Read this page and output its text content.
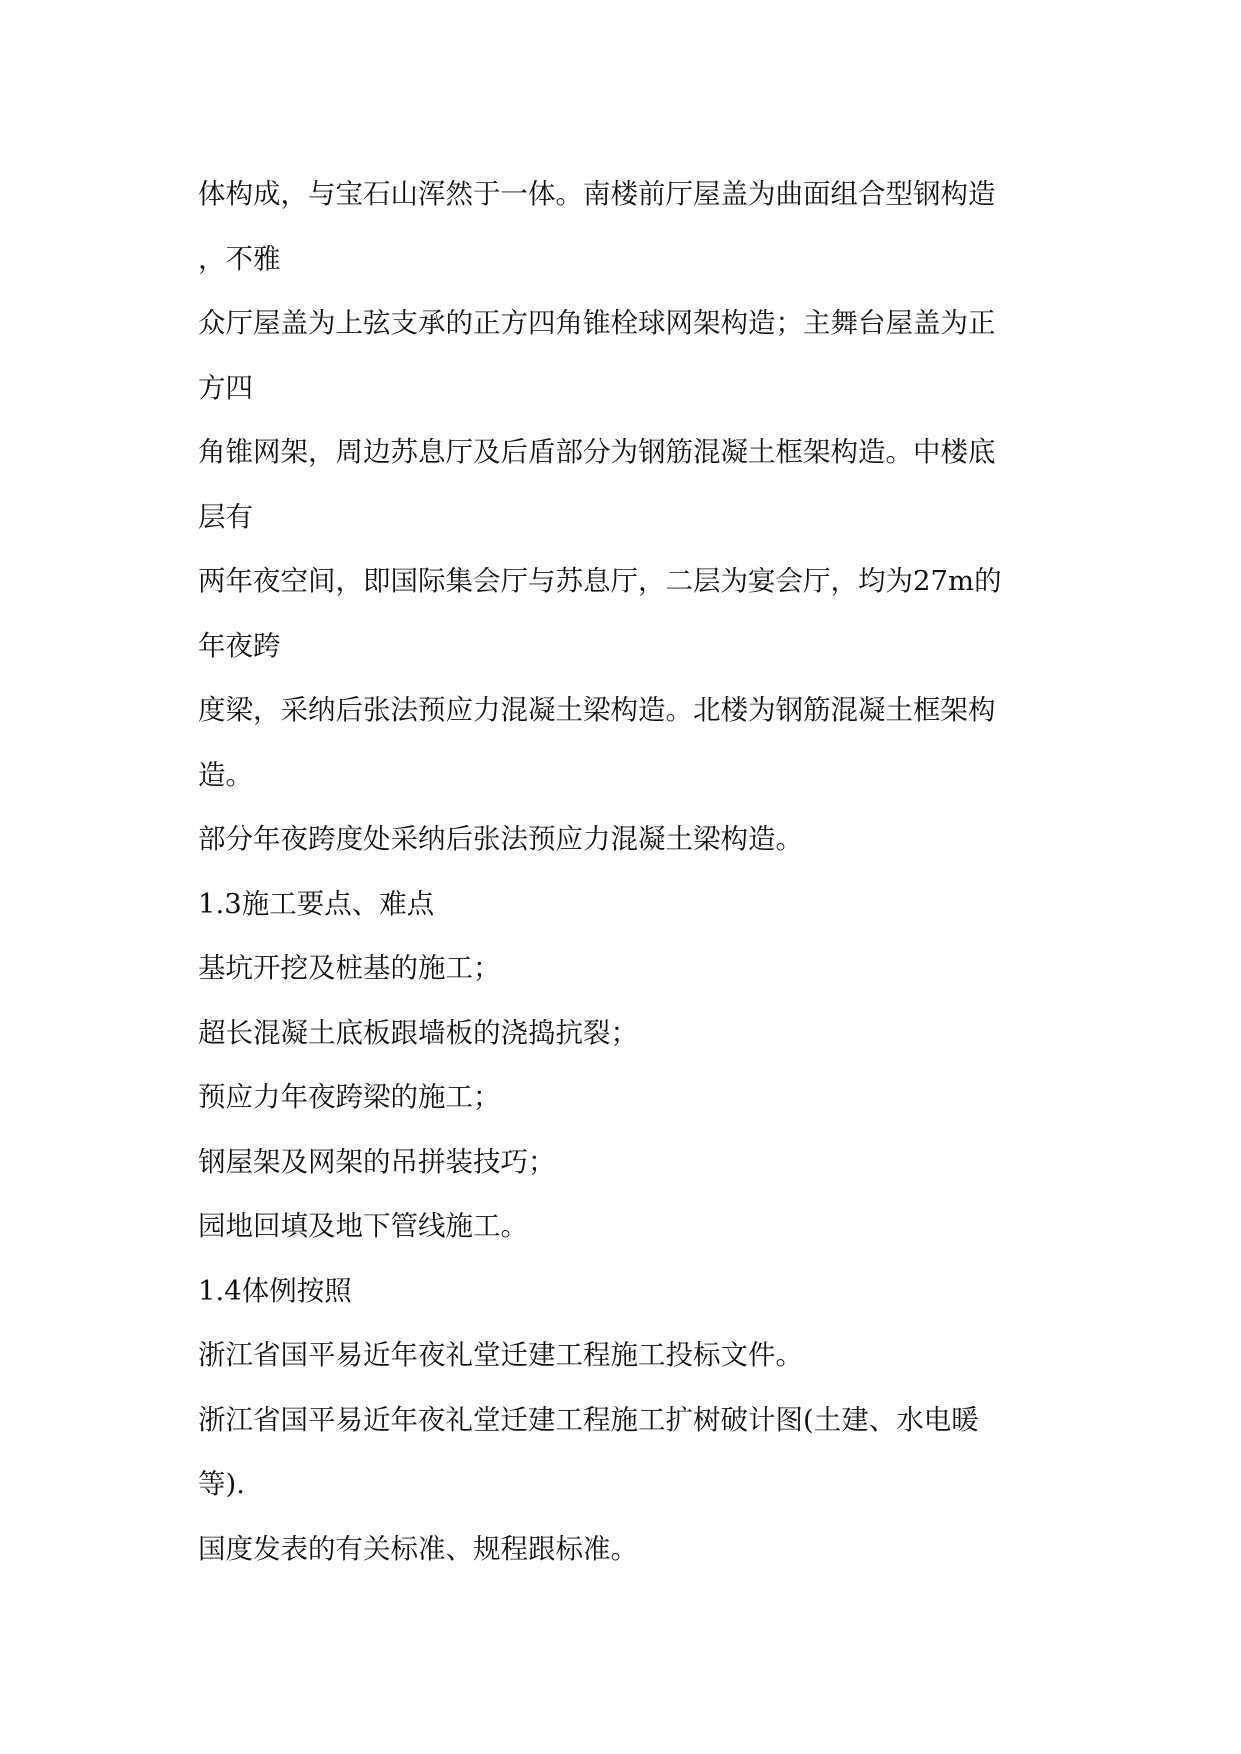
体构成，与宝石山浑然于一体。南楼前厅屋盖为曲面组合型钢构造

，不雅

众厅屋盖为上弦支承的正方四角锥栓球网架构造；主舞台屋盖为正

方四

角锥网架，周边苏息厅及后盾部分为钢筋混凝土框架构造。中楼底

层有

两年夜空间，即国际集会厅与苏息厅，二层为宴会厅，均为27m的

年夜跨

度梁，采纳后张法预应力混凝土梁构造。北楼为钢筋混凝土框架构

造。

部分年夜跨度处采纳后张法预应力混凝土梁构造。

1.3施工要点、难点

基坑开挖及桩基的施工；

超长混凝土底板跟墙板的浇捣抗裂；

预应力年夜跨梁的施工；

钢屋架及网架的吊拼装技巧；

园地回填及地下管线施工。

1.4体例按照

浙江省国平易近年夜礼堂迁建工程施工投标文件。

浙江省国平易近年夜礼堂迁建工程施工扩树破计图(土建、水电暖

等).

国度发表的有关标准、规程跟标准。
